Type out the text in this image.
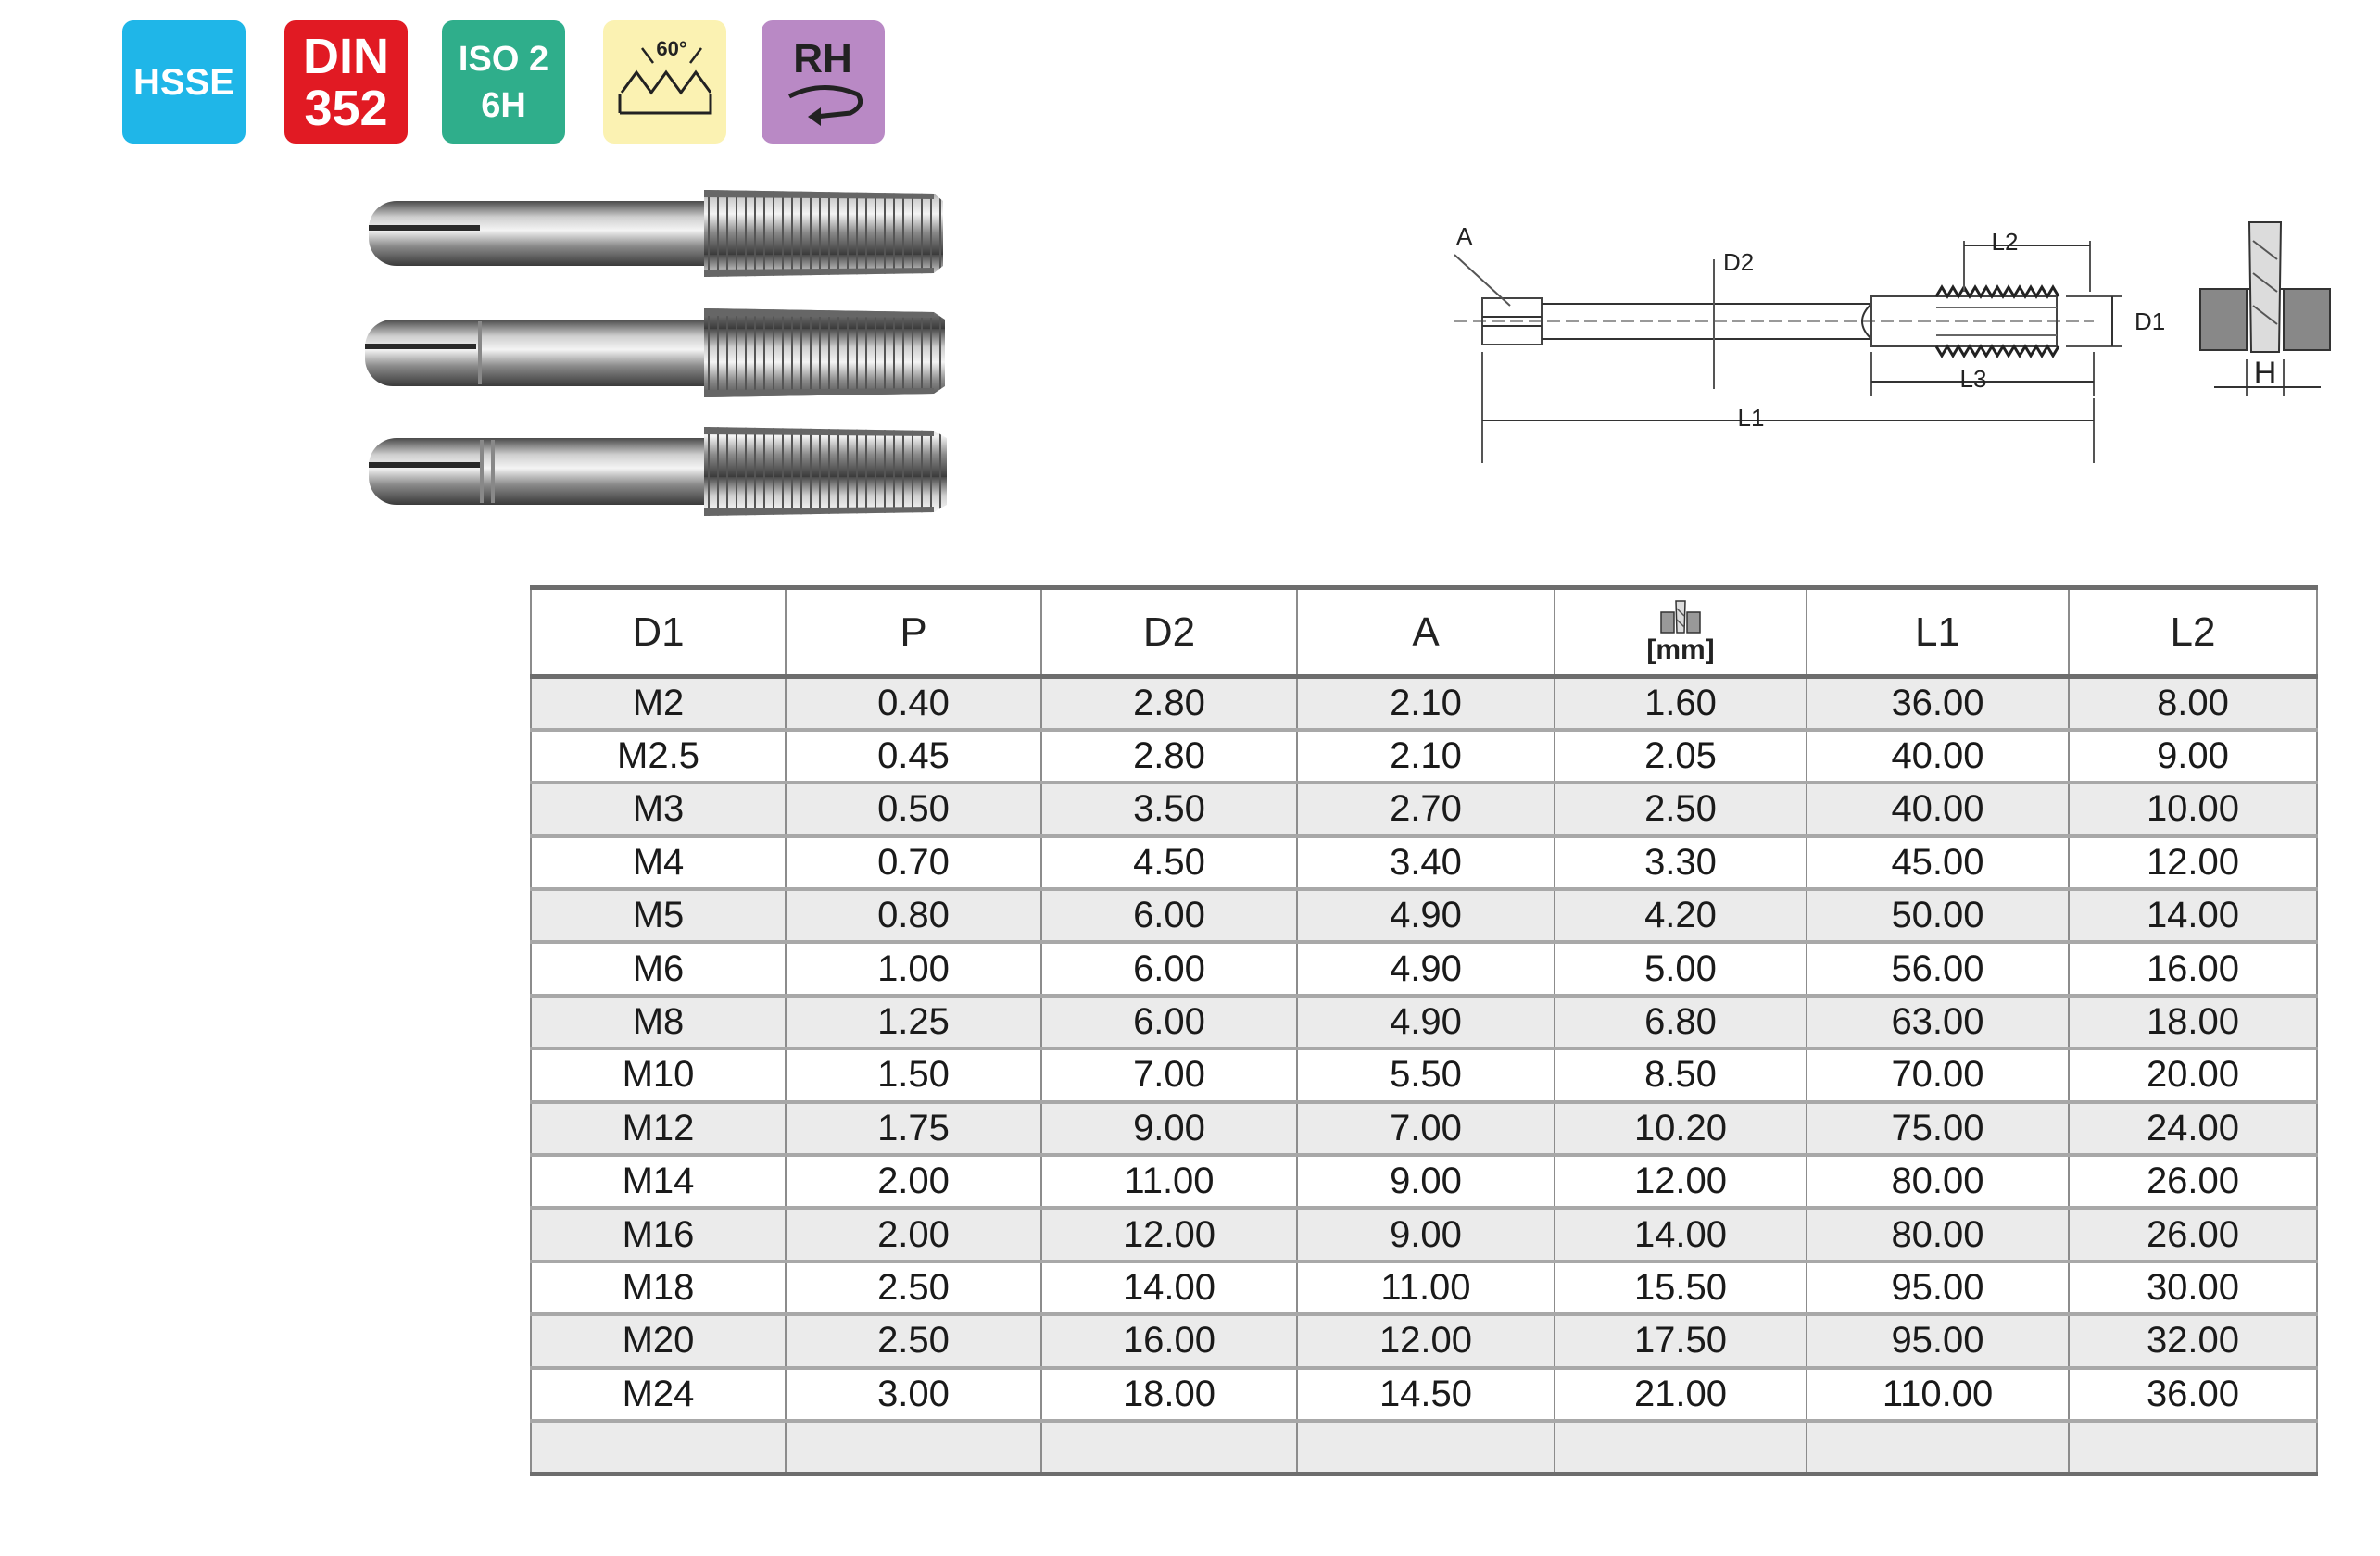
HSSE DIN
352
ISO 2
6H
60°	RH
A
D2
L2
D1
L3
L1
H
D1	P	D2	A	[mm]	L1	L2
M2	0.40	2.80	2.10	1.60	36.00	8.00
M2.5	0.45	2.80	2.10	2.05	40.00	9.00
M3	0.50	3.50	2.70	2.50	40.00	10.00
M4	0.70	4.50	3.40	3.30	45.00	12.00
M5	0.80	6.00	4.90	4.20	50.00	14.00
M6	1.00	6.00	4.90	5.00	56.00	16.00
M8	1.25	6.00	4.90	6.80	63.00	18.00
M10	1.50	7.00	5.50	8.50	70.00	20.00
M12	1.75	9.00	7.00	10.20	75.00	24.00
M14	2.00	11.00	9.00	12.00	80.00	26.00
M16	2.00	12.00	9.00	14.00	80.00	26.00
M18	2.50	14.00	11.00	15.50	95.00	30.00
M20	2.50	16.00	12.00	17.50	95.00	32.00
M24	3.00	18.00	14.50	21.00	110.00	36.00
